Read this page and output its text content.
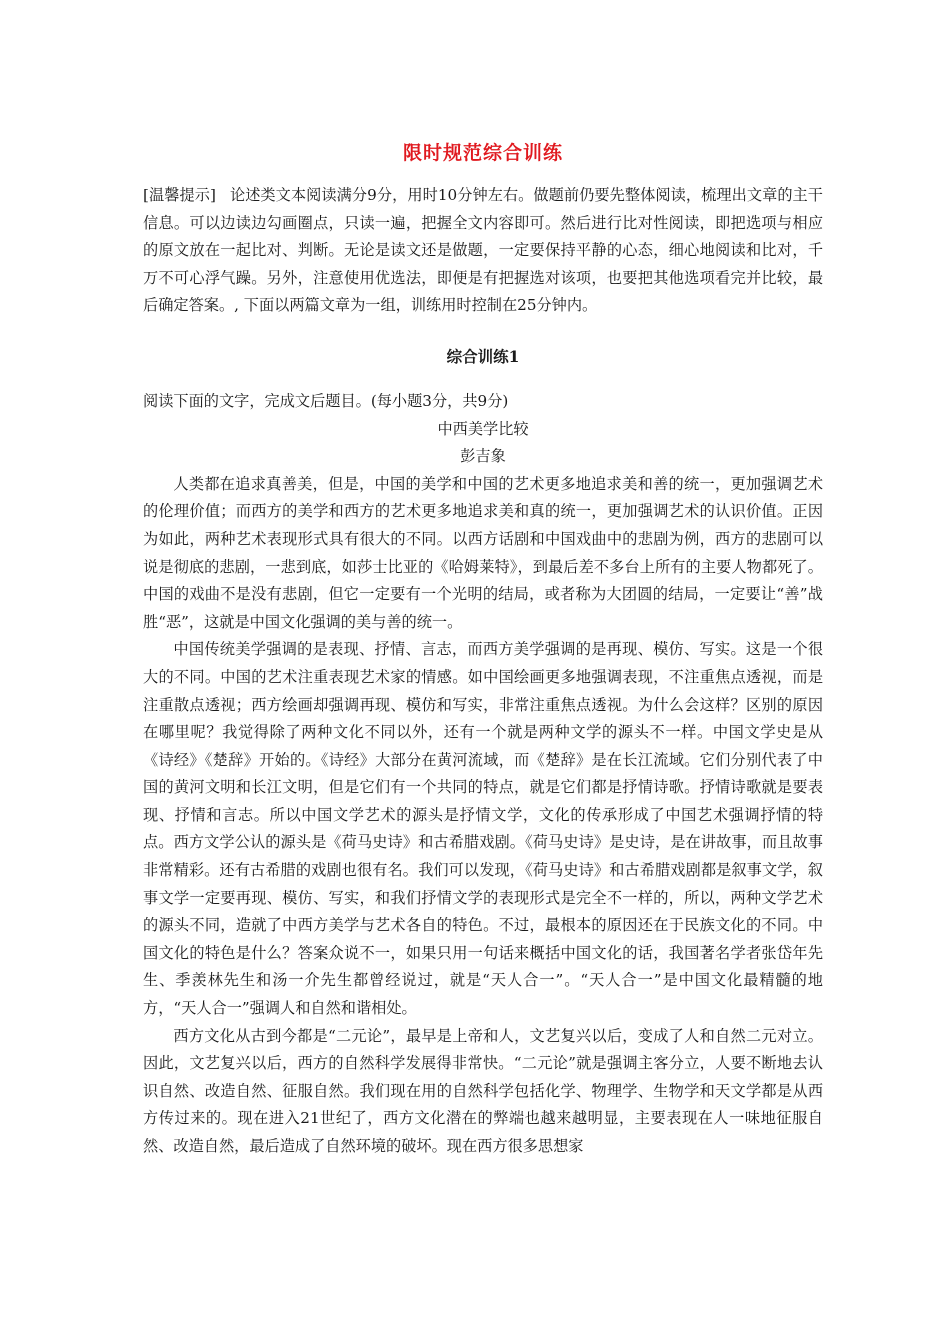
限时规范综合训练

[温馨提示] 论述类文本阅读满分9分，用时10分钟左右。做题前仍要先整体阅读，梳理出文章的主干信息。可以边读边勾画圈点，只读一遍，把握全文内容即可。然后进行比对性阅读，即把选项与相应的原文放在一起比对、判断。无论是读文还是做题，一定要保持平静的心态，细心地阅读和比对，千万不可心浮气躁。另外，注意使用优选法，即便是有把握选对该项，也要把其他选项看完并比较，最后确定答案。, 下面以两篇文章为一组，训练用时控制在25分钟内。

综合训练1

阅读下面的文字，完成文后题目。(每小题3分，共9分)

中西美学比较

彭吉象

人类都在追求真善美，但是，中国的美学和中国的艺术更多地追求美和善的统一，更加强调艺术的伦理价值；而西方的美学和西方的艺术更多地追求美和真的统一，更加强调艺术的认识价值。正因为如此，两种艺术表现形式具有很大的不同。以西方话剧和中国戏曲中的悲剧为例，西方的悲剧可以说是彻底的悲剧，一悲到底，如莎士比亚的《哈姆莱特》，到最后差不多台上所有的主要人物都死了。中国的戏曲不是没有悲剧，但它一定要有一个光明的结局，或者称为大团圆的结局，一定要让“善”战胜“恶”，这就是中国文化强调的美与善的统一。

中国传统美学强调的是表现、抒情、言志，而西方美学强调的是再现、模仿、写实。这是一个很大的不同。中国的艺术注重表现艺术家的情感。如中国绘画更多地强调表现，不注重焦点透视，而是注重散点透视；西方绘画却强调再现、模仿和写实，非常注重焦点透视。为什么会这样？区别的原因在哪里呢？我觉得除了两种文化不同以外，还有一个就是两种文学的源头不一样。中国文学史是从《诗经》《楚辞》开始的。《诗经》大部分在黄河流域，而《楚辞》是在长江流域。它们分别代表了中国的黄河文明和长江文明，但是它们有一个共同的特点，就是它们都是抒情诗歌。抒情诗歌就是要表现、抒情和言志。所以中国文学艺术的源头是抒情文学，文化的传承形成了中国艺术强调抒情的特点。西方文学公认的源头是《荷马史诗》和古希腊戏剧。《荷马史诗》是史诗，是在讲故事，而且故事非常精彩。还有古希腊的戏剧也很有名。我们可以发现，《荷马史诗》和古希腊戏剧都是叙事文学，叙事文学一定要再现、模仿、写实，和我们抒情文学的表现形式是完全不一样的，所以，两种文学艺术的源头不同，造就了中西方美学与艺术各自的特色。不过，最根本的原因还在于民族文化的不同。中国文化的特色是什么？答案众说不一，如果只用一句话来概括中国文化的话，我国著名学者张岱年先生、季羡林先生和汤一介先生都曾经说过，就是“天人合一”。“天人合一”是中国文化最精髓的地方，“天人合一”强调人和自然和谐相处。

西方文化从古到今都是“二元论”，最早是上帝和人，文艺复兴以后，变成了人和自然二元对立。因此，文艺复兴以后，西方的自然科学发展得非常快。“二元论”就是强调主客分立，人要不断地去认识自然、改造自然、征服自然。我们现在用的自然科学包括化学、物理学、生物学和天文学都是从西方传过来的。现在进入21世纪了，西方文化潜在的弊端也越来越明显，主要表现在人一味地征服自然、改造自然，最后造成了自然环境的破坏。现在西方很多思想家
